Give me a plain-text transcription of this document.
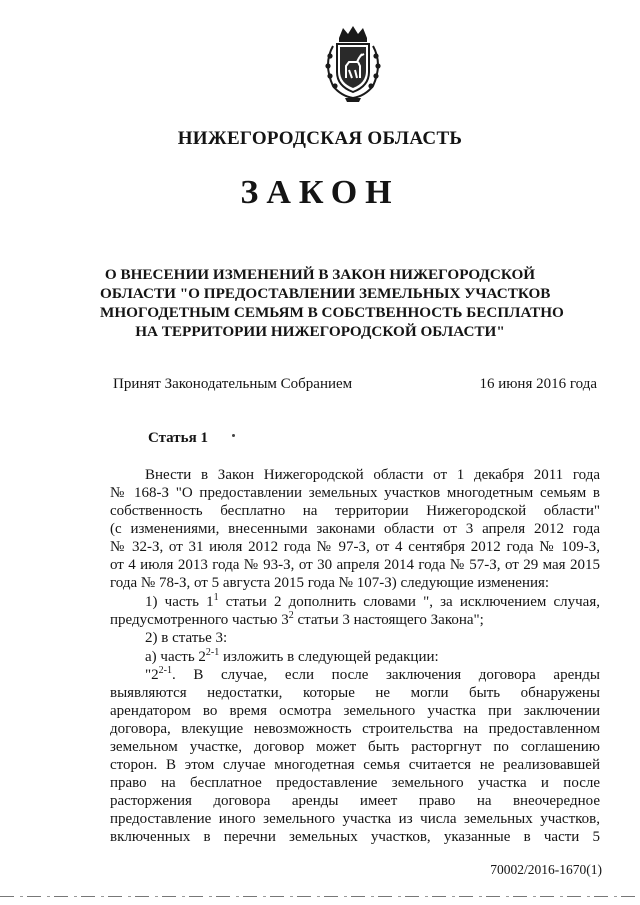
НИЖЕГОРОДСКАЯ ОБЛАСТЬ
ЗАКОН
О ВНЕСЕНИИ ИЗМЕНЕНИЙ В ЗАКОН НИЖЕГОРОДСКОЙ
ОБЛАСТИ "О ПРЕДОСТАВЛЕНИИ ЗЕМЕЛЬНЫХ УЧАСТКОВ
МНОГОДЕТНЫМ СЕМЬЯМ В СОБСТВЕННОСТЬ БЕСПЛАТНО
НА ТЕРРИТОРИИ НИЖЕГОРОДСКОЙ ОБЛАСТИ"
Принят Законодательным Собранием	16 июня 2016 года
Статья 1
Внести в Закон Нижегородской области от 1 декабря 2011 года
№ 168-З "О предоставлении земельных участков многодетным семьям в
собственность бесплатно на территории Нижегородской области"
(с изменениями, внесенными законами области от 3 апреля 2012 года
№ 32-З, от 31 июля 2012 года № 97-З, от 4 сентября 2012 года № 109-З,
от 4 июля 2013 года № 93-З, от 30 апреля 2014 года № 57-З, от 29 мая 2015
года № 78-З, от 5 августа 2015 года № 107-З) следующие изменения:
1) часть $1^1$ статьи 2 дополнить словами ", за исключением случая,
предусмотренного частью $3^2$ статьи 3 настоящего Закона";
2) в статье 3:
а) часть 2$^{2-1}$ изложить в следующей редакции:
"2$^{2-1}$. В случае, если после заключения договора аренды
выявляются недостатки, которые не могли быть обнаружены
арендатором во время осмотра земельного участка при заключении
договора, влекущие невозможность строительства на предоставленном
земельном участке, договор может быть расторгнут по соглашению
сторон. В этом случае многодетная семья считается не реализовавшей
право на бесплатное предоставление земельного участка и после
расторжения договора аренды имеет право на внеочередное
предоставление иного земельного участка из числа земельных участков,
включенных в перечни земельных участков, указанные в части 5
70002/2016-1670(1)
